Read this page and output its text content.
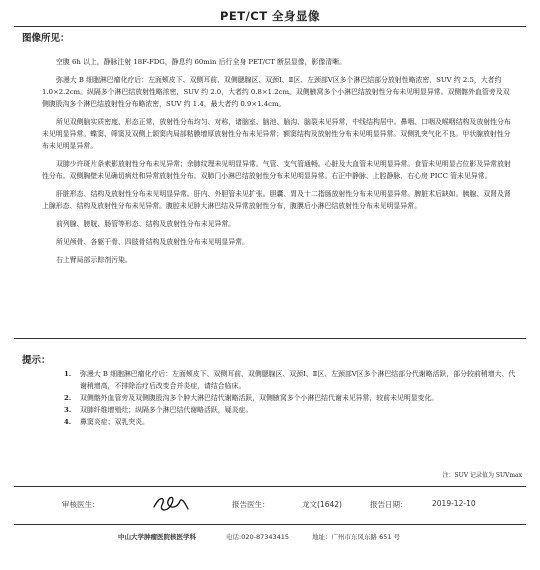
PET/CT 全身显像
图像所见：

空腹 6h 以上，静脉注射 18F-FDG，静息约 60min 后行全身 PET/CT 断层显像，影像清晰。

弥漫大 B 细胞淋巴瘤化疗后：左面颊皮下、双侧耳前、双侧腮腺区、双颈Ⅰ、Ⅱ区、左颈部Ⅴ区多个淋巴结部分放射性略浓密，SUV 约 2.5，大者约 1.0×2.2cm。纵隔多个淋巴结放射性略浓密，SUV 约 2.0，大者约 0.8×1.2cm。双侧腋窝多个小淋巴结放射性分布未见明显异常。双侧髂外血管旁及双侧腹股沟多个淋巴结放射性分布略浓密，SUV 约 1.4，最大者约 0.9×1.4cm。

所见双侧脑实质密度、形态正常，放射性分布均匀、对称，诸脑室、脑池、脑沟、脑裂未见异常，中线结构居中。鼻咽、口咽及喉咽结构及放射性分布未见明显异常。蝶窦、筛窦及双侧上颌窦内局部粘膜增厚放射性分布未见异常；额窦结构及放射性分布未见明显异常。双侧乳突气化不良。甲状腺放射性分布未见明显异常。

双肺少许斑片条索影放射性分布未见异常；余肺纹理未见明显异常。气管、支气管通畅。心脏及大血管未见明显异常。食管未见明显占位影及异常放射性分布。双侧胸壁未见确切病灶和异常放射性分布。双肺门小淋巴结放射性分布未见明显异常。右正中静脉、上腔静脉、右心房 PICC 管未见异常。

肝脏形态、结构及放射性分布未见明显异常。肝内、外胆管未见扩张。胆囊、胃及十二指肠放射性分布未见明显异常。脾脏术后缺如。胰腺、双肾及肾上腺形态、结构及放射性分布未见异常。腹腔未见肿大淋巴结及异常放射性分布，腹膜后小淋巴结放射性分布未见明显异常。

前列腺、膀胱、肠管等形态、结构及放射性分布未见异常。

所见颅骨、各躯干骨、四肢骨结构及放射性分布未见明显异常。

右上臂局部示踪剂污染。

提示：
1.	弥漫大 B 细胞淋巴瘤化疗后：左面颊皮下、双侧耳前、双侧腮腺区、双颈Ⅰ、Ⅱ区、左颈部Ⅴ区多个淋巴结部分代谢略活跃，部分较前稍增大、代谢稍增高，不排除治疗后改变合并炎症，请结合临床。
2.	双侧髂外血管旁及双侧腹股沟多个肿大淋巴结代谢略活跃，双侧腋窝多个小淋巴结代谢未见异常，较前未见明显变化。
3.	双肺纤维增殖灶；纵隔多个淋巴结代谢略活跃，疑炎症。
4.	鼻窦炎症；双乳突炎。
注：SUV 记录值为 SUVmax
审核医生：	报告医生：	龙文(1642)	报告日期：	2019-12-10
中山大学肿瘤医院核医学科	电话:020-87343415	地址：广州市东风东路 651 号
